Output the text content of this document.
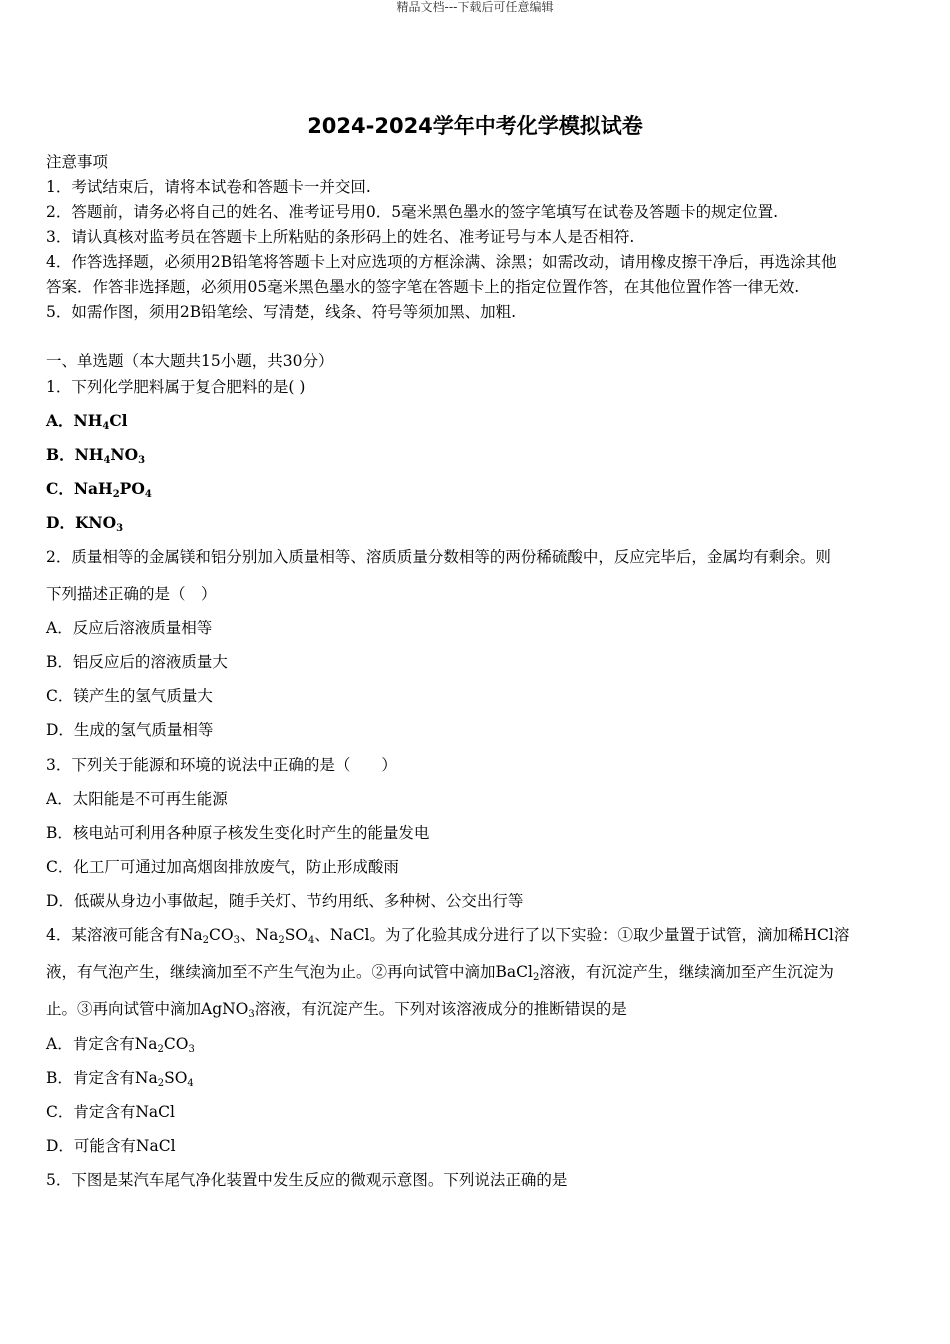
精品文档---下载后可任意编辑
2024-2024学年中考化学模拟试卷
注意事项
1．考试结束后，请将本试卷和答题卡一并交回.
2．答题前，请务必将自己的姓名、准考证号用0．5毫米黑色墨水的签字笔填写在试卷及答题卡的规定位置.
3．请认真核对监考员在答题卡上所粘贴的条形码上的姓名、准考证号与本人是否相符.
4．作答选择题，必须用2B铅笔将答题卡上对应选项的方框涂满、涂黑；如需改动，请用橡皮擦干净后，再选涂其他
答案．作答非选择题，必须用05毫米黑色墨水的签字笔在答题卡上的指定位置作答，在其他位置作答一律无效.
5．如需作图，须用2B铅笔绘、写清楚，线条、符号等须加黑、加粗.
一、单选题（本大题共15小题，共30分）
1．下列化学肥料属于复合肥料的是( )
A．$NH_4Cl$
B．$NH_4NO_3$
C．$NaH_2PO_4$
D．$KNO_3$
2．质量相等的金属镁和铝分别加入质量相等、溶质质量分数相等的两份稀硫酸中，反应完毕后，金属均有剩余。则
下列描述正确的是（　）
A．反应后溶液质量相等
B．铝反应后的溶液质量大
C．镁产生的氢气质量大
D．生成的氢气质量相等
3．下列关于能源和环境的说法中正确的是（　　）
A．太阳能是不可再生能源
B．核电站可利用各种原子核发生变化时产生的能量发电
C．化工厂可通过加高烟囱排放废气，防止形成酸雨
D．低碳从身边小事做起，随手关灯、节约用纸、多种树、公交出行等
4．某溶液可能含有$Na_2CO_3$、$Na_2SO_4$、NaCl。为了化验其成分进行了以下实验：①取少量置于试管，滴加稀HCl溶
液，有气泡产生，继续滴加至不产生气泡为止。②再向试管中滴加BaCl$_2$溶液，有沉淀产生，继续滴加至产生沉淀为
止。③再向试管中滴加AgNO$_3$溶液，有沉淀产生。下列对该溶液成分的推断错误的是
A．肯定含有$Na_2CO_3$
B．肯定含有$Na_2SO_4$
C．肯定含有NaCl
D．可能含有NaCl
5．下图是某汽车尾气净化装置中发生反应的微观示意图。下列说法正确的是
